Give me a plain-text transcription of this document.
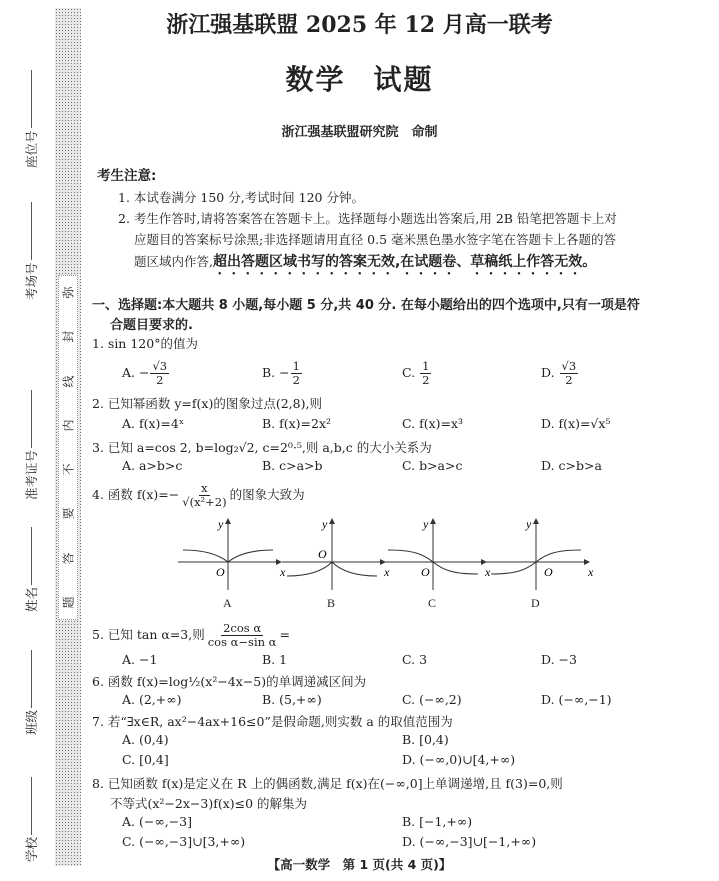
弥
封
线
内
不
要
答
题
学校
班级
姓名
准考证号
考场号
座位号
浙江强基联盟 2025 年 12 月高一联考
数学 试题
浙江强基联盟研究院　命制
考生注意:
1. 本试卷满分 150 分,考试时间 120 分钟。
2. 考生作答时,请将答案答在答题卡上。选择题每小题选出答案后,用 2B 铅笔把答题卡上对
应题目的答案标号涂黑;非选择题请用直径 0.5 毫米黑色墨水签字笔在答题卡上各题的答
题区域内作答,超出答题区域书写的答案无效,在试题卷、草稿纸上作答无效。
一、选择题:本大题共 8 小题,每小题 5 分,共 40 分. 在每小题给出的四个选项中,只有一项是符
合题目要求的.
1. sin 120°的值为
A. − $\frac{√3}{2}$	B. − $\frac{1}{2}$	C. $\frac{1}{2}$	D. $\frac{√3}{2}$
2. 已知幂函数 y=f(x)的图象过点(2,8),则
A. f(x)=4ˣ	B. f(x)=2x²	C. f(x)=x³	D. f(x)=√x⁵
3. 已知 a=cos 2, b=log₂√2, c=2⁰·⁵,则 a,b,c 的大小关系为
A. a>b>c	B. c>a>b	C. b>a>c	D. c>b>a
4. 函数 $f(x)=- \frac{x}{\text{√(x²+2)}}$ 的图象大致为
y
x
O
A
y
x
O
B
y
x
O
C
y
x
O
D
5. 已知 tan α=3,则 $\frac{\text{2cos α}}{\text{cos α−sin α}}$ =
A. −1	B. 1	C. 3	D. −3
6. 函数 f(x)=log½(x²−4x−5)的单调递减区间为
A. (2,+∞)	B. (5,+∞)	C. (−∞,2)	D. (−∞,−1)
7. 若“∃x∈R, ax²−4ax+16≤0”是假命题,则实数 a 的取值范围为
A. (0,4)	B. [0,4)
C. [0,4]	D. (−∞,0)∪[4,+∞)
8. 已知函数 f(x)是定义在 R 上的偶函数,满足 f(x)在(−∞,0]上单调递增,且 f(3)=0,则
不等式(x²−2x−3)f(x)≤0 的解集为
A. (−∞,−3]	B. [−1,+∞)
C. (−∞,−3]∪[3,+∞)	D. (−∞,−3]∪[−1,+∞)
【高一数学　第 1 页(共 4 页)】
